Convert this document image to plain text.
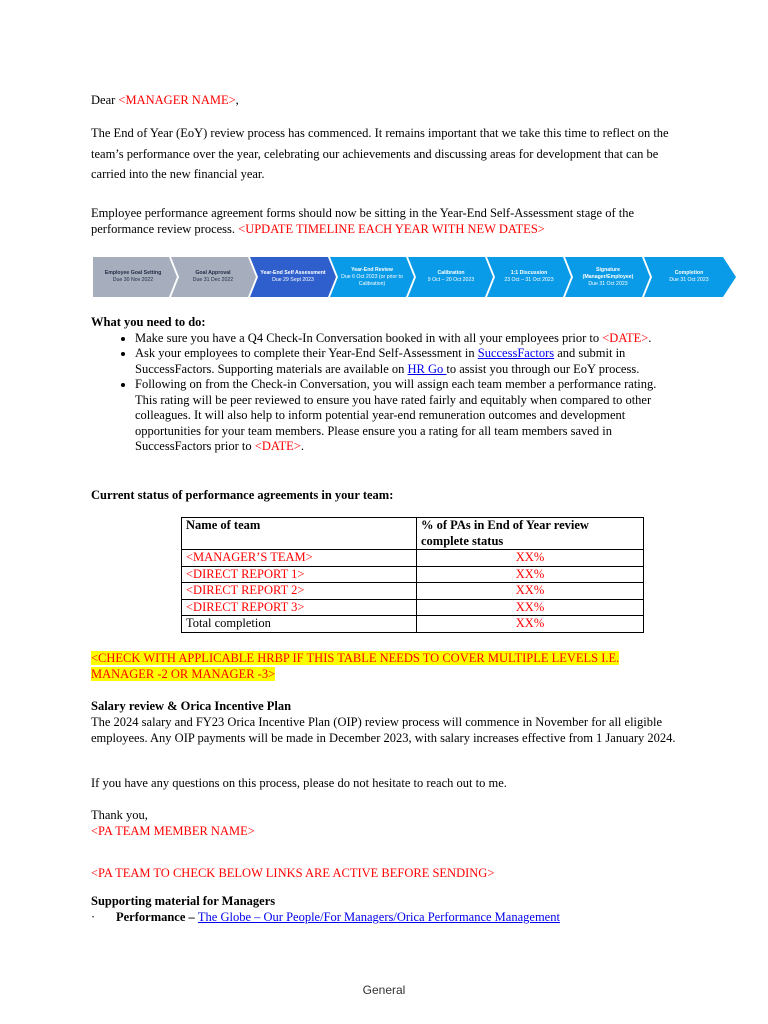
Dear <MANAGER NAME>,

The End of Year (EoY) review process has commenced. It remains important that we take this time to reflect on the team’s performance over the year, celebrating our achievements and discussing areas for development that can be carried into the new financial year.

Employee performance agreement forms should now be sitting in the Year-End Self-Assessment stage of the performance review process. <UPDATE TIMELINE EACH YEAR WITH NEW DATES>

Employee Goal Setting
Due 30 Nov 2022
Goal Approval
Due 31 Dec 2022
Year-End Self Assessment
Due 29 Sept 2023
Year-End Review
Due 6 Oct 2023 (or prior to Calibration)
Calibration
9 Oct – 20 Oct 2023
1:1 Discussion
23 Oct – 31 Oct 2023
Signature (Manager/Employee)
Due 31 Oct 2023
Completion
Due 31 Oct 2023
What you need to do:
• Make sure you have a Q4 Check-In Conversation booked in with all your employees prior to <DATE>.
• Ask your employees to complete their Year-End Self-Assessment in SuccessFactors and submit in SuccessFactors. Supporting materials are available on HR Go to assist you through our EoY process.
• Following on from the Check-in Conversation, you will assign each team member a performance rating. This rating will be peer reviewed to ensure you have rated fairly and equitably when compared to other colleagues. It will also help to inform potential year-end remuneration outcomes and development opportunities for your team members. Please ensure you a rating for all team members saved in SuccessFactors prior to <DATE>.
Current status of performance agreements in your team:
Name of team	% of PAs in End of Year review complete status
<MANAGER’S TEAM>	XX%
<DIRECT REPORT 1>	XX%
<DIRECT REPORT 2>	XX%
<DIRECT REPORT 3>	XX%
Total completion	XX%
<CHECK WITH APPLICABLE HRBP IF THIS TABLE NEEDS TO COVER MULTIPLE LEVELS I.E. MANAGER -2 OR MANAGER -3>
Salary review & Orica Incentive Plan

The 2024 salary and FY23 Orica Incentive Plan (OIP) review process will commence in November for all eligible employees. Any OIP payments will be made in December 2023, with salary increases effective from 1 January 2024.

If you have any questions on this process, please do not hesitate to reach out to me.
Thank you,
<PA TEAM MEMBER NAME>
<PA TEAM TO CHECK BELOW LINKS ARE ACTIVE BEFORE SENDING>
Supporting material for Managers
· Performance – The Globe – Our People/For Managers/Orica Performance Management
General
